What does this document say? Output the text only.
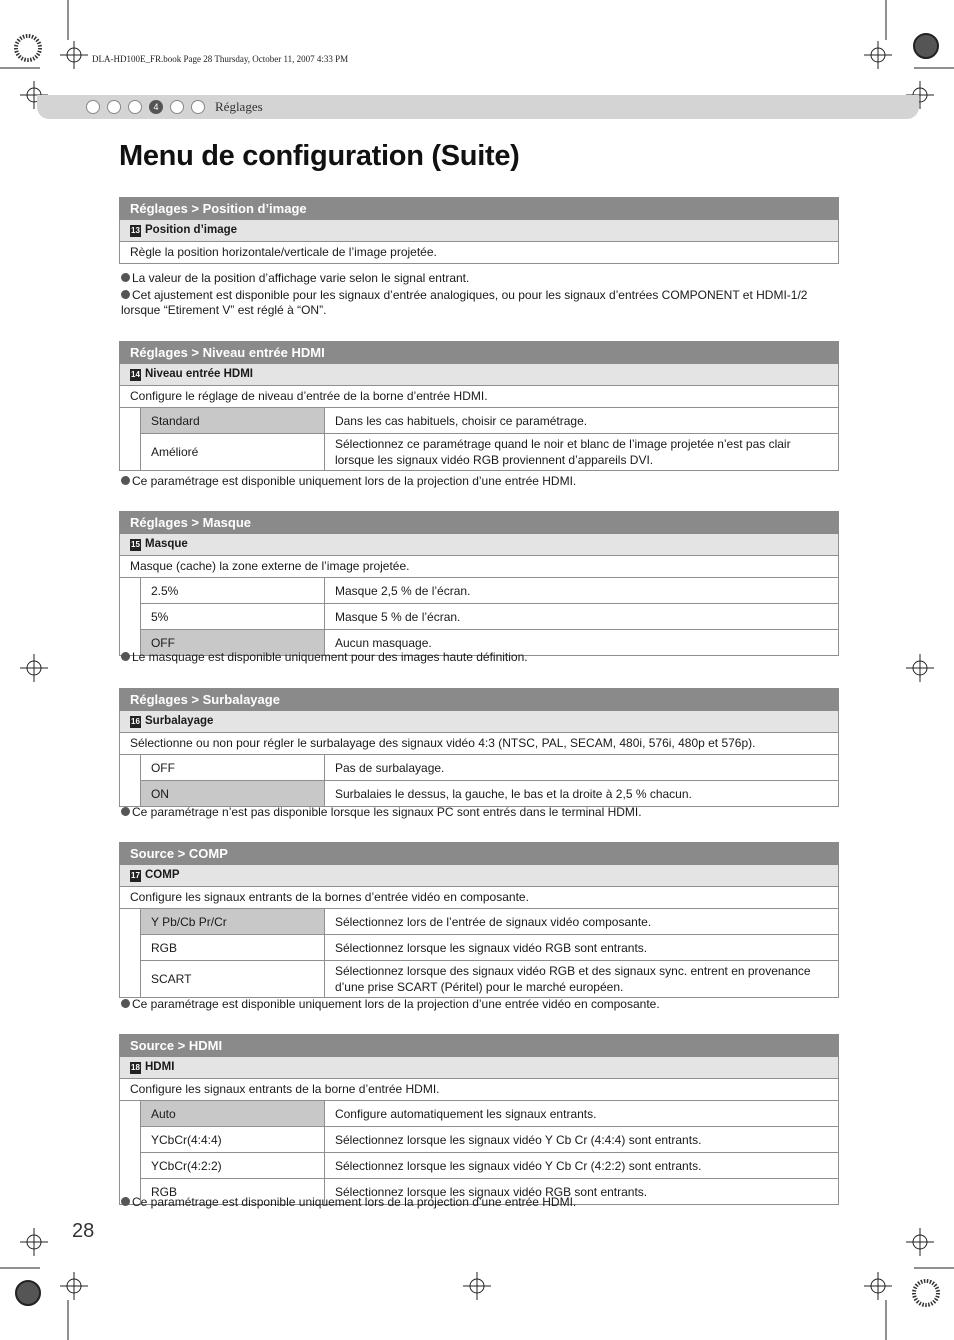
DLA-HD100E_FR.book Page 28 Thursday, October 11, 2007 4:33 PM
4	Réglages
Menu de configuration (Suite)
Réglages > Position d’image
13 Position d’image
Règle la position horizontale/verticale de l’image projetée.
La valeur de la position d’affichage varie selon le signal entrant.
Cet ajustement est disponible pour les signaux d’entrée analogiques, ou pour les signaux d’entrées COMPONENT et HDMI-1/2 lorsque “Etirement V” est réglé à “ON”.
Réglages > Niveau entrée HDMI
14 Niveau entrée HDMI
Configure le réglage de niveau d’entrée de la borne d’entrée HDMI.
Standard	Dans les cas habituels, choisir ce paramétrage.
Amélioré	Sélectionnez ce paramétrage quand le noir et blanc de l’image projetée n’est pas clair lorsque les signaux vidéo RGB proviennent d’appareils DVI.
Ce paramétrage est disponible uniquement lors de la projection d’une entrée HDMI.
Réglages > Masque
15 Masque
Masque (cache) la zone externe de l’image projetée.
2.5%	Masque 2,5 % de l’écran.
5%	Masque 5 % de l’écran.
OFF	Aucun masquage.
Le masquage est disponible uniquement pour des images haute définition.
Réglages > Surbalayage
16 Surbalayage
Sélectionne ou non pour régler le surbalayage des signaux vidéo 4:3 (NTSC, PAL, SECAM, 480i, 576i, 480p et 576p).
OFF	Pas de surbalayage.
ON	Surbalaies le dessus, la gauche, le bas et la droite à 2,5 % chacun.
Ce paramétrage n’est pas disponible lorsque les signaux PC sont entrés dans le terminal HDMI.
Source > COMP
17 COMP
Configure les signaux entrants de la bornes d’entrée vidéo en composante.
Y Pb/Cb Pr/Cr	Sélectionnez lors de l’entrée de signaux vidéo composante.
RGB	Sélectionnez lorsque les signaux vidéo RGB sont entrants.
SCART	Sélectionnez lorsque des signaux vidéo RGB et des signaux sync. entrent en provenance d’une prise SCART (Péritel) pour le marché européen.
Ce paramétrage est disponible uniquement lors de la projection d’une entrée vidéo en composante.
Source > HDMI
18 HDMI
Configure les signaux entrants de la borne d’entrée HDMI.
Auto	Configure automatiquement les signaux entrants.
YCbCr(4:4:4)	Sélectionnez lorsque les signaux vidéo Y Cb Cr (4:4:4) sont entrants.
YCbCr(4:2:2)	Sélectionnez lorsque les signaux vidéo Y Cb Cr (4:2:2) sont entrants.
RGB	Sélectionnez lorsque les signaux vidéo RGB sont entrants.
Ce paramétrage est disponible uniquement lors de la projection d’une entrée HDMI.
28
